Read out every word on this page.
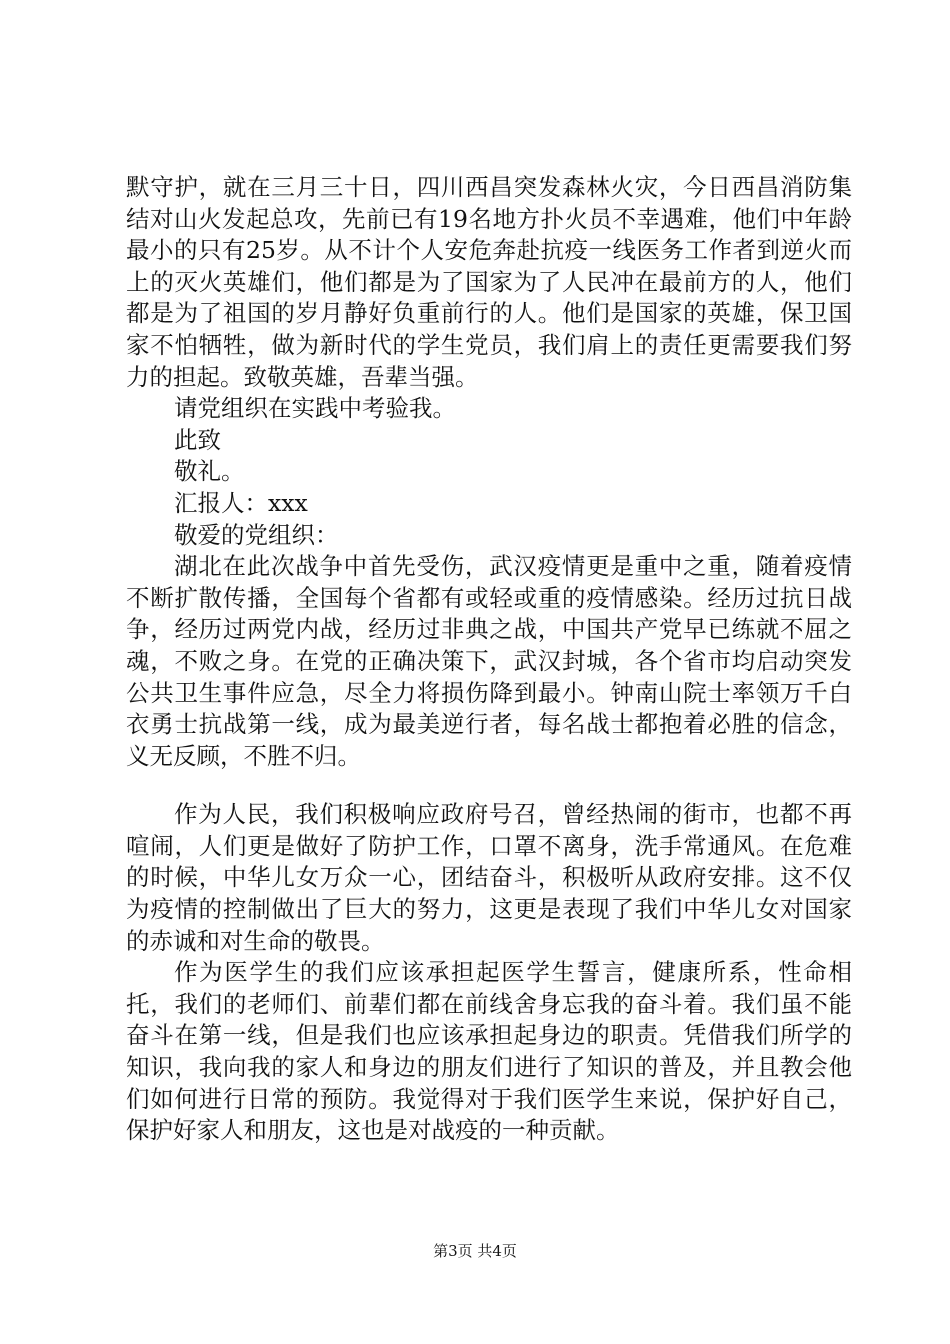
默守护，就在三月三十日，四川西昌突发森林火灾，今日西昌消防集结对山火发起总攻，先前已有19名地方扑火员不幸遇难，他们中年龄最小的只有25岁。从不计个人安危奔赴抗疫一线医务工作者到逆火而上的灭火英雄们，他们都是为了国家为了人民冲在最前方的人，他们都是为了祖国的岁月静好负重前行的人。他们是国家的英雄，保卫国家不怕牺牲，做为新时代的学生党员，我们肩上的责任更需要我们努力的担起。致敬英雄，吾辈当强。

请党组织在实践中考验我。

此致

敬礼。

汇报人：xxx

敬爱的党组织：

湖北在此次战争中首先受伤，武汉疫情更是重中之重，随着疫情不断扩散传播，全国每个省都有或轻或重的疫情感染。经历过抗日战争，经历过两党内战，经历过非典之战，中国共产党早已练就不屈之魂，不败之身。在党的正确决策下，武汉封城，各个省市均启动突发公共卫生事件应急，尽全力将损伤降到最小。钟南山院士率领万千白衣勇士抗战第一线，成为最美逆行者，每名战士都抱着必胜的信念，义无反顾，不胜不归。

作为人民，我们积极响应政府号召，曾经热闹的街市，也都不再喧闹，人们更是做好了防护工作，口罩不离身，洗手常通风。在危难的时候，中华儿女万众一心，团结奋斗，积极听从政府安排。这不仅为疫情的控制做出了巨大的努力，这更是表现了我们中华儿女对国家的赤诚和对生命的敬畏。

作为医学生的我们应该承担起医学生誓言，健康所系，性命相托，我们的老师们、前辈们都在前线舍身忘我的奋斗着。我们虽不能奋斗在第一线，但是我们也应该承担起身边的职责。凭借我们所学的知识，我向我的家人和身边的朋友们进行了知识的普及，并且教会他们如何进行日常的预防。我觉得对于我们医学生来说，保护好自己，保护好家人和朋友，这也是对战疫的一种贡献。

第3页 共4页
